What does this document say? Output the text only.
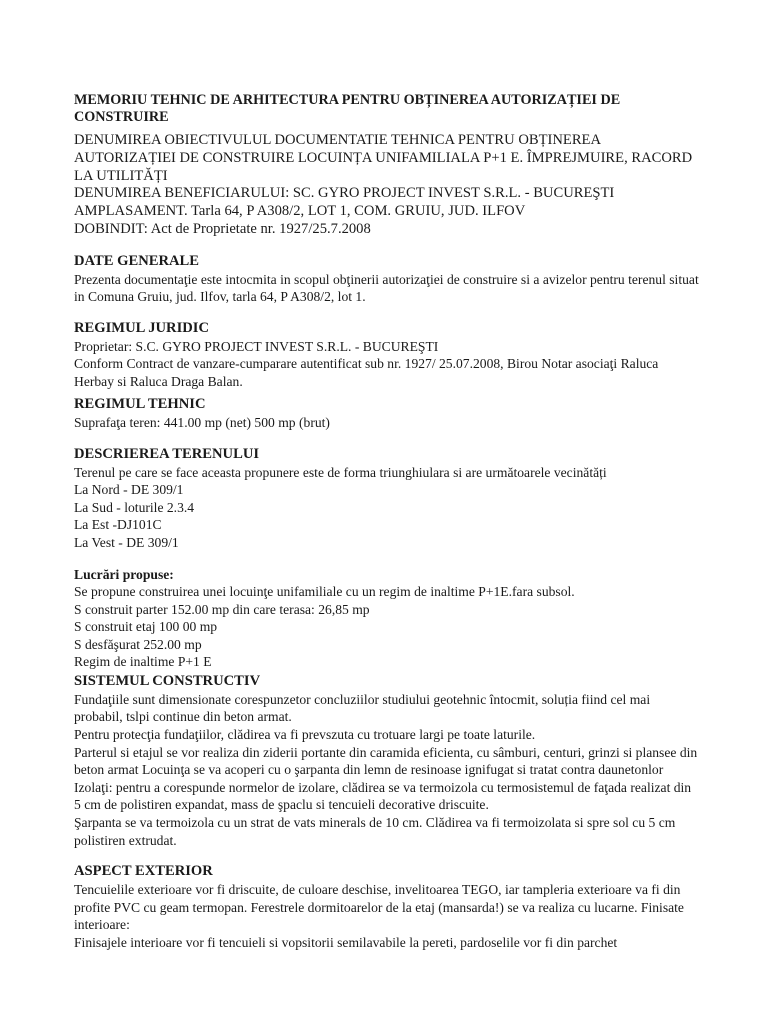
MEMORIU TEHNIC DE ARHITECTURA PENTRU OBȚINEREA AUTORIZAȚIEI DE CONSTRUIRE
DENUMIREA OBIECTIVULUL DOCUMENTATIE TEHNICA PENTRU OBȚINEREA AUTORIZAȚIEI DE CONSTRUIRE LOCUINȚA UNIFAMILIALA P+1 E. ÎMPREJMUIRE, RACORD LA UTILITĂȚI
DENUMIREA BENEFICIARULUI: SC. GYRO PROJECT INVEST S.R.L. - BUCUREŞTI
AMPLASAMENT. Tarla 64, P A308/2, LOT 1, COM. GRUIU, JUD. ILFOV
DOBINDIT: Act de Proprietate nr. 1927/25.7.2008
DATE GENERALE
Prezenta documentaţie este intocmita in scopul obţinerii autorizaţiei de construire si a avizelor pentru terenul situat in Comuna Gruiu, jud. Ilfov, tarla 64, P A308/2, lot 1.
REGIMUL JURIDIC
Proprietar: S.C. GYRO PROJECT INVEST S.R.L. - BUCUREŞTI
Conform Contract de vanzare-cumparare autentificat sub nr. 1927/ 25.07.2008, Birou Notar asociaţi Raluca Herbay si Raluca Draga Balan.
REGIMUL TEHNIC
Suprafaţa teren: 441.00 mp (net) 500 mp (brut)
DESCRIEREA TERENULUI
Terenul pe care se face aceasta propunere este de forma triunghiulara si are următoarele vecinătăți
La Nord - DE 309/1
La Sud - loturile 2.3.4
La Est -DJ101C
La Vest - DE 309/1
Lucrări propuse:
Se propune construirea unei locuinţe unifamiliale cu un regim de inaltime P+1E.fara subsol.
S construit parter 152.00 mp din care terasa: 26,85 mp
S construit etaj 100 00 mp
S desfăşurat 252.00 mp
Regim de inaltime P+1 E
SISTEMUL CONSTRUCTIV
Fundaţiile sunt dimensionate corespunzetor concluziilor studiului geotehnic întocmit, soluția fiind cel mai probabil, tslpi continue din beton armat.
Pentru protecţia fundaţiilor, clădirea va fi prevszuta cu trotuare largi pe toate laturile.
Parterul si etajul se vor realiza din ziderii portante din caramida eficienta, cu sâmburi, centuri, grinzi si plansee din beton armat Locuinţa se va acoperi cu o şarpanta din lemn de resinoase ignifugat si tratat contra daunetonlor
Izolaţi: pentru a corespunde normelor de izolare, clădirea se va termoizola cu termosistemul de faţada realizat din 5 cm de polistiren expandat, mass de şpaclu si tencuieli decorative driscuite.
Şarpanta se va termoizola cu un strat de vats minerals de 10 cm. Clădirea va fi termoizolata si spre sol cu 5 cm polistiren extrudat.
ASPECT EXTERIOR
Tencuielile exterioare vor fi driscuite, de culoare deschise, invelitoarea TEGO, iar tampleria exterioare va fi din profite PVC cu geam termopan. Ferestrele dormitoarelor de la etaj (mansarda!) se va realiza cu lucarne. Finisate interioare:
Finisajele interioare vor fi tencuieli si vopsitorii semilavabile la pereti, pardoselile vor fi din parchet
